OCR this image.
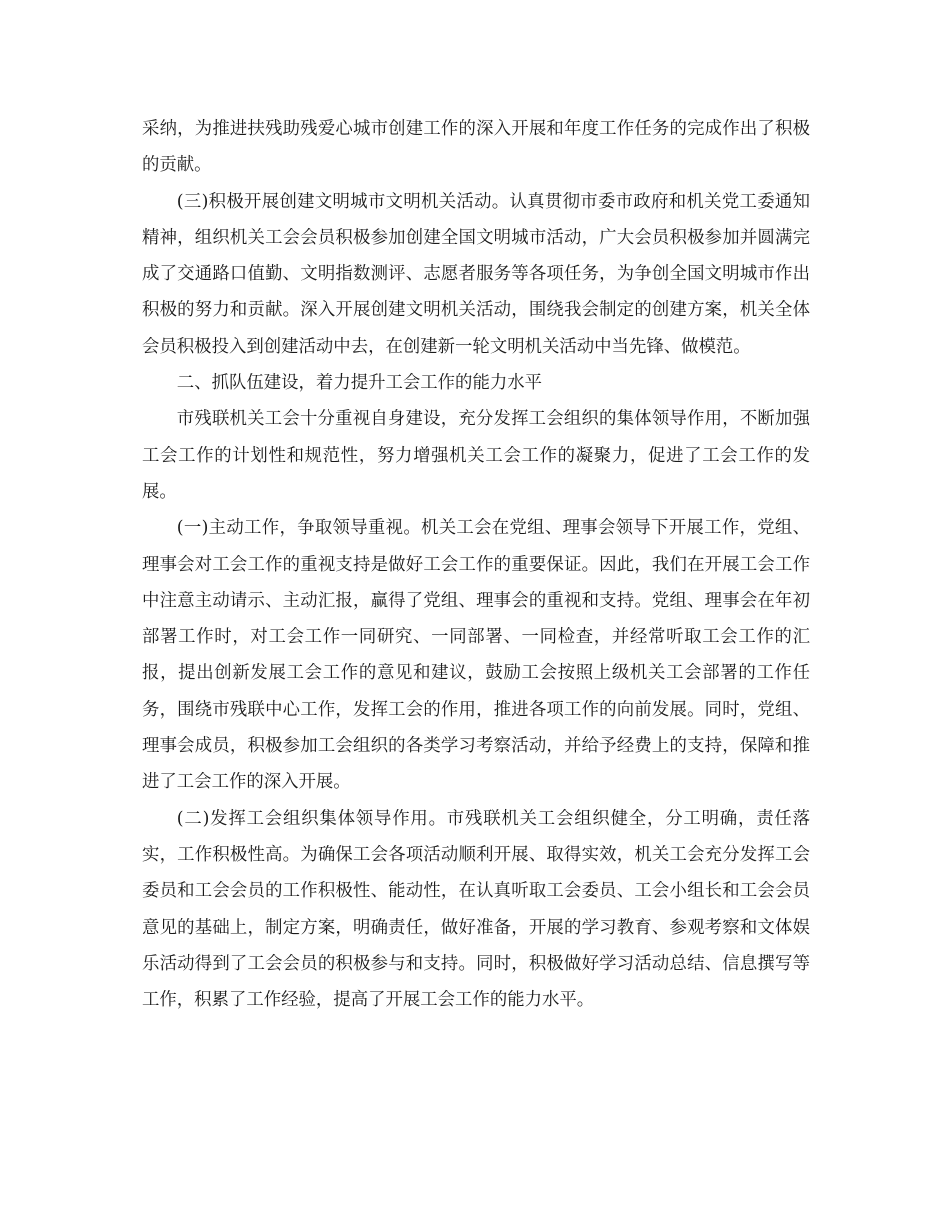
采纳，为推进扶残助残爱心城市创建工作的深入开展和年度工作任务的完成作出了积极的贡献。

(三)积极开展创建文明城市文明机关活动。认真贯彻市委市政府和机关党工委通知精神，组织机关工会会员积极参加创建全国文明城市活动，广大会员积极参加并圆满完成了交通路口值勤、文明指数测评、志愿者服务等各项任务，为争创全国文明城市作出积极的努力和贡献。深入开展创建文明机关活动，围绕我会制定的创建方案，机关全体会员积极投入到创建活动中去，在创建新一轮文明机关活动中当先锋、做模范。

二、抓队伍建设，着力提升工会工作的能力水平

市残联机关工会十分重视自身建设，充分发挥工会组织的集体领导作用，不断加强工会工作的计划性和规范性，努力增强机关工会工作的凝聚力，促进了工会工作的发展。

(一)主动工作，争取领导重视。机关工会在党组、理事会领导下开展工作，党组、理事会对工会工作的重视支持是做好工会工作的重要保证。因此，我们在开展工会工作中注意主动请示、主动汇报，赢得了党组、理事会的重视和支持。党组、理事会在年初部署工作时，对工会工作一同研究、一同部署、一同检查，并经常听取工会工作的汇报，提出创新发展工会工作的意见和建议，鼓励工会按照上级机关工会部署的工作任务，围绕市残联中心工作，发挥工会的作用，推进各项工作的向前发展。同时，党组、理事会成员，积极参加工会组织的各类学习考察活动，并给予经费上的支持，保障和推进了工会工作的深入开展。

(二)发挥工会组织集体领导作用。市残联机关工会组织健全，分工明确，责任落实，工作积极性高。为确保工会各项活动顺利开展、取得实效，机关工会充分发挥工会委员和工会会员的工作积极性、能动性，在认真听取工会委员、工会小组长和工会会员意见的基础上，制定方案，明确责任，做好准备，开展的学习教育、参观考察和文体娱乐活动得到了工会会员的积极参与和支持。同时，积极做好学习活动总结、信息撰写等工作，积累了工作经验，提高了开展工会工作的能力水平。
